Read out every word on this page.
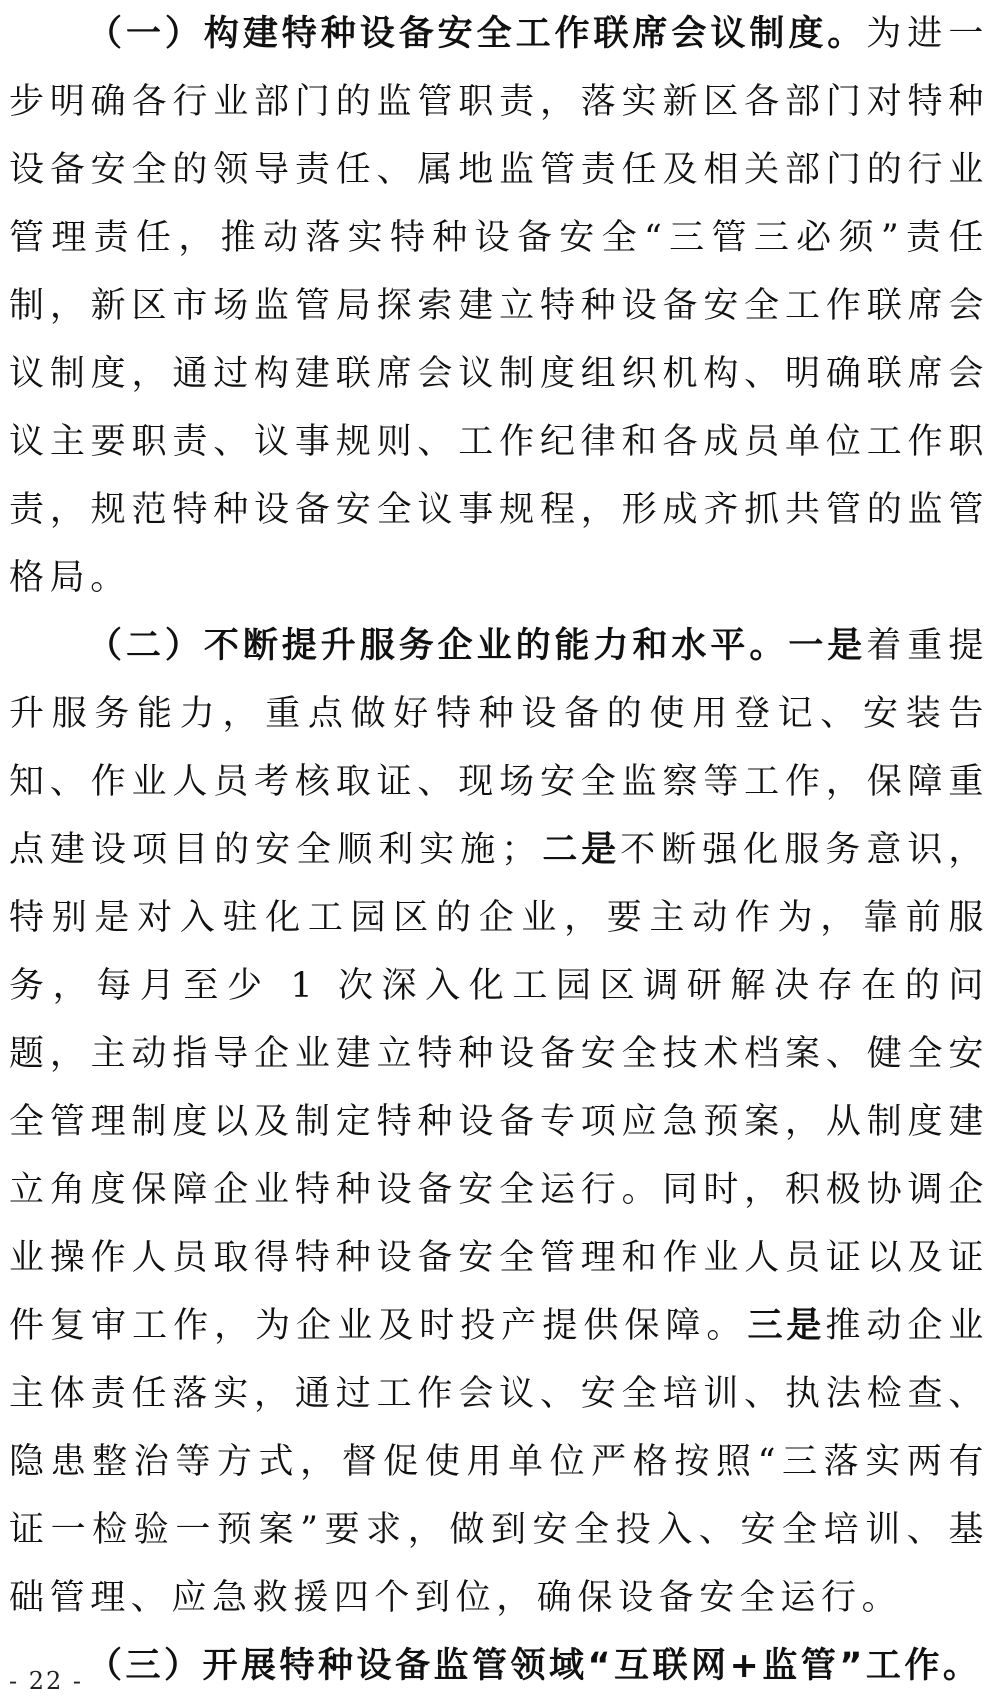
（一）构建特种设备安全工作联席会议制度。为进一步明确各行业部门的监管职责，落实新区各部门对特种设备安全的领导责任、属地监管责任及相关部门的行业管理责任，推动落实特种设备安全“三管三必须”责任制，新区市场监管局探索建立特种设备安全工作联席会议制度，通过构建联席会议制度组织机构、明确联席会议主要职责、议事规则、工作纪律和各成员单位工作职责，规范特种设备安全议事规程，形成齐抓共管的监管格局。

（二）不断提升服务企业的能力和水平。一是着重提升服务能力，重点做好特种设备的使用登记、安装告知、作业人员考核取证、现场安全监察等工作，保障重点建设项目的安全顺利实施；二是不断强化服务意识，特别是对入驻化工园区的企业，要主动作为，靠前服务，每月至少 1 次深入化工园区调研解决存在的问题，主动指导企业建立特种设备安全技术档案、健全安全管理制度以及制定特种设备专项应急预案，从制度建立角度保障企业特种设备安全运行。同时，积极协调企业操作人员取得特种设备安全管理和作业人员证以及证件复审工作，为企业及时投产提供保障。三是推动企业主体责任落实，通过工作会议、安全培训、执法检查、隐患整治等方式，督促使用单位严格按照“三落实两有证一检验一预案”要求，做到安全投入、安全培训、基础管理、应急救援四个到位，确保设备安全运行。

（三）开展特种设备监管领域“互联网+监管”工作。

- 22 -
